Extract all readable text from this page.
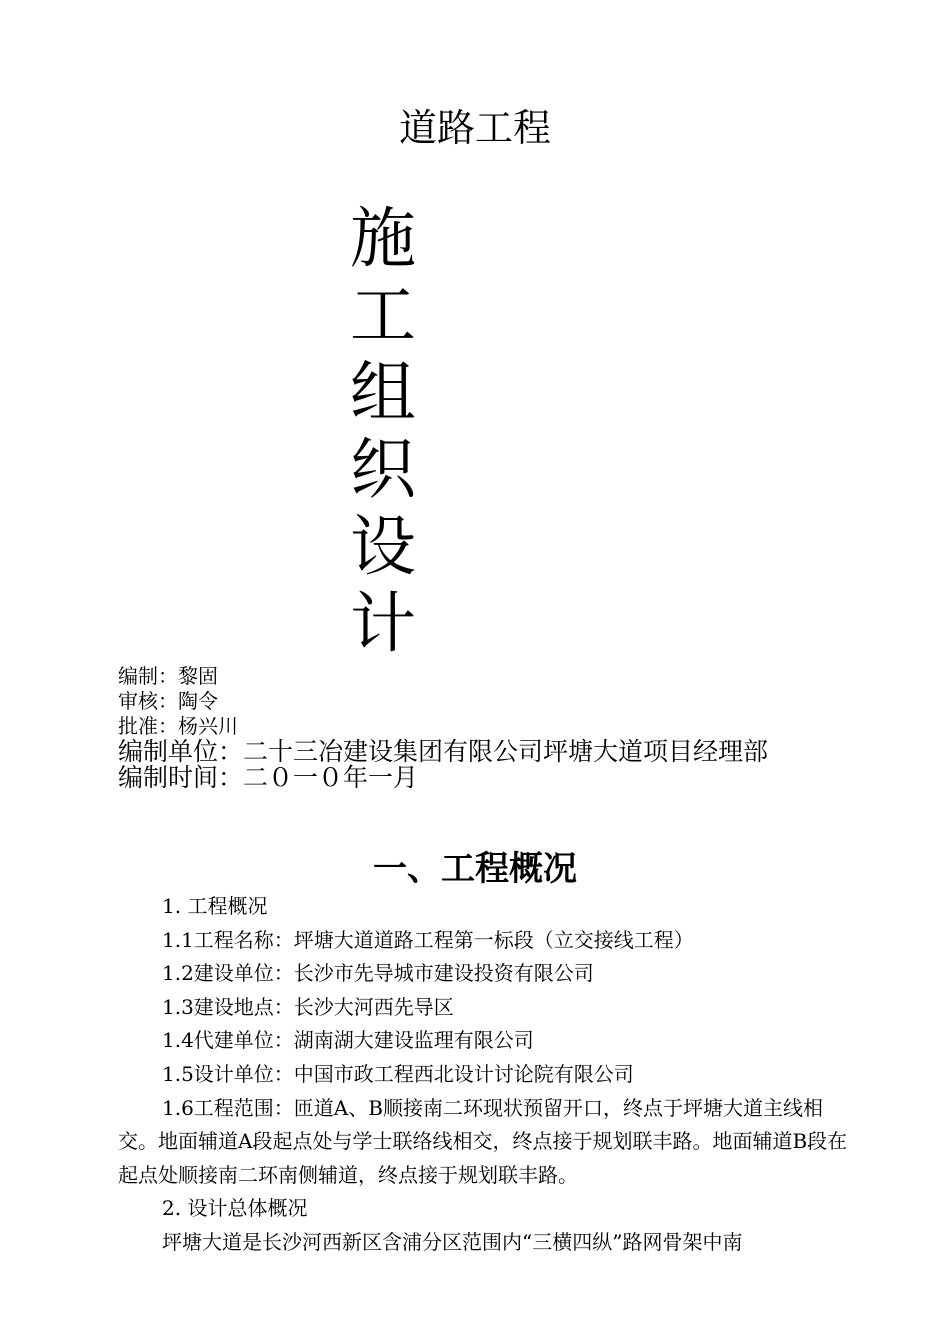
道路工程
施
工
组
织
设
计
编制：黎固
审核：陶令
批准：杨兴川
编制单位：二十三冶建设集团有限公司坪塘大道项目经理部
编制时间：二０一０年一月
一、工程概况

1. 工程概况

1.1工程名称：坪塘大道道路工程第一标段（立交接线工程）

1.2建设单位：长沙市先导城市建设投资有限公司

1.3建设地点：长沙大河西先导区

1.4代建单位：湖南湖大建设监理有限公司

1.5设计单位：中国市政工程西北设计讨论院有限公司

1.6工程范围：匝道A、B顺接南二环现状预留开口，终点于坪塘大道主线相交。地面辅道A段起点处与学士联络线相交，终点接于规划联丰路。地面辅道B段在起点处顺接南二环南侧辅道，终点接于规划联丰路。

2. 设计总体概况

坪塘大道是长沙河西新区含浦分区范围内“三横四纵”路网骨架中南
